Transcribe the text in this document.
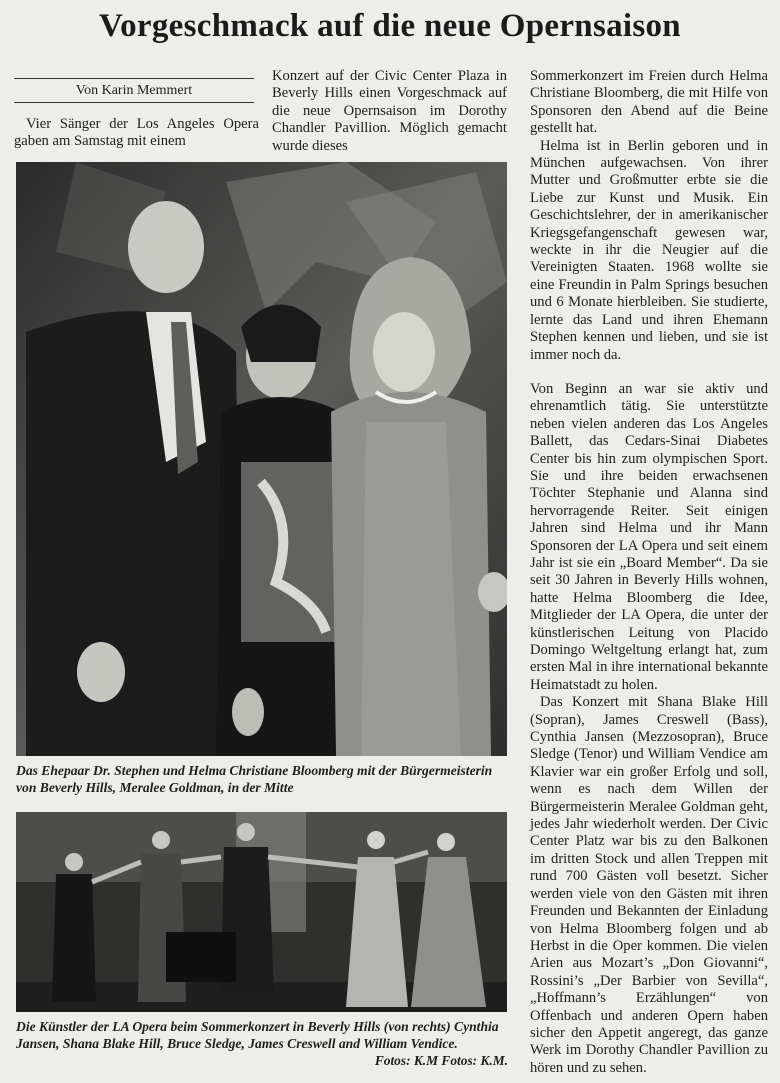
Vorgeschmack auf die neue Opernsaison
Von Karin Memmert
Vier Sänger der Los Angeles Opera gaben am Samstag mit einem
Konzert auf der Civic Center Plaza in Beverly Hills einen Vorgeschmack auf die neue Opernsaison im Dorothy Chandler Pavillion. Möglich gemacht wurde dieses
Das Ehepaar Dr. Stephen und Helma Christiane Bloomberg mit der Bürgermeisterin von Beverly Hills, Meralee Goldman, in der Mitte
Die Künstler der LA Opera beim Sommerkonzert in Beverly Hills (von rechts) Cynthia Jansen, Shana Blake Hill, Bruce Sledge, James Creswell and William Vendice.
Fotos: K.M Fotos: K.M.

Sommerkonzert im Freien durch Helma Christiane Bloomberg, die mit Hilfe von Sponsoren den Abend auf die Beine gestellt hat.

Helma ist in Berlin geboren und in München aufgewachsen. Von ihrer Mutter und Großmutter erbte sie die Liebe zur Kunst und Musik. Ein Geschichtslehrer, der in amerikanischer Kriegsgefangenschaft gewesen war, weckte in ihr die Neugier auf die Vereinigten Staaten. 1968 wollte sie eine Freundin in Palm Springs besuchen und 6 Monate hierbleiben. Sie studierte, lernte das Land und ihren Ehemann Stephen kennen und lieben, und sie ist immer noch da.

Von Beginn an war sie aktiv und ehrenamtlich tätig. Sie unterstützte neben vielen anderen das Los Angeles Ballett, das Cedars-Sinai Diabetes Center bis hin zum olympischen Sport. Sie und ihre beiden erwachsenen Töchter Stephanie und Alanna sind hervorragende Reiter. Seit einigen Jahren sind Helma und ihr Mann Sponsoren der LA Opera und seit einem Jahr ist sie ein „Board Member“. Da sie seit 30 Jahren in Beverly Hills wohnen, hatte Helma Bloomberg die Idee, Mitglieder der LA Opera, die unter der künstlerischen Leitung von Placido Domingo Weltgeltung erlangt hat, zum ersten Mal in ihre international bekannte Heimatstadt zu holen.

Das Konzert mit Shana Blake Hill (Sopran), James Creswell (Bass), Cynthia Jansen (Mezzosopran), Bruce Sledge (Tenor) und William Vendice am Klavier war ein großer Erfolg und soll, wenn es nach dem Willen der Bürgermeisterin Meralee Goldman geht, jedes Jahr wiederholt werden. Der Civic Center Platz war bis zu den Balkonen im dritten Stock und allen Treppen mit rund 700 Gästen voll besetzt. Sicher werden viele von den Gästen mit ihren Freunden und Bekannten der Einladung von Helma Bloomberg folgen und ab Herbst in die Oper kommen. Die vielen Arien aus Mozart’s „Don Giovanni“, Rossini’s „Der Barbier von Sevilla“, „Hoffmann’s Erzählungen“ von Offenbach und anderen Opern haben sicher den Appetit angeregt, das ganze Werk im Dorothy Chandler Pavillion zu hören und zu sehen.
